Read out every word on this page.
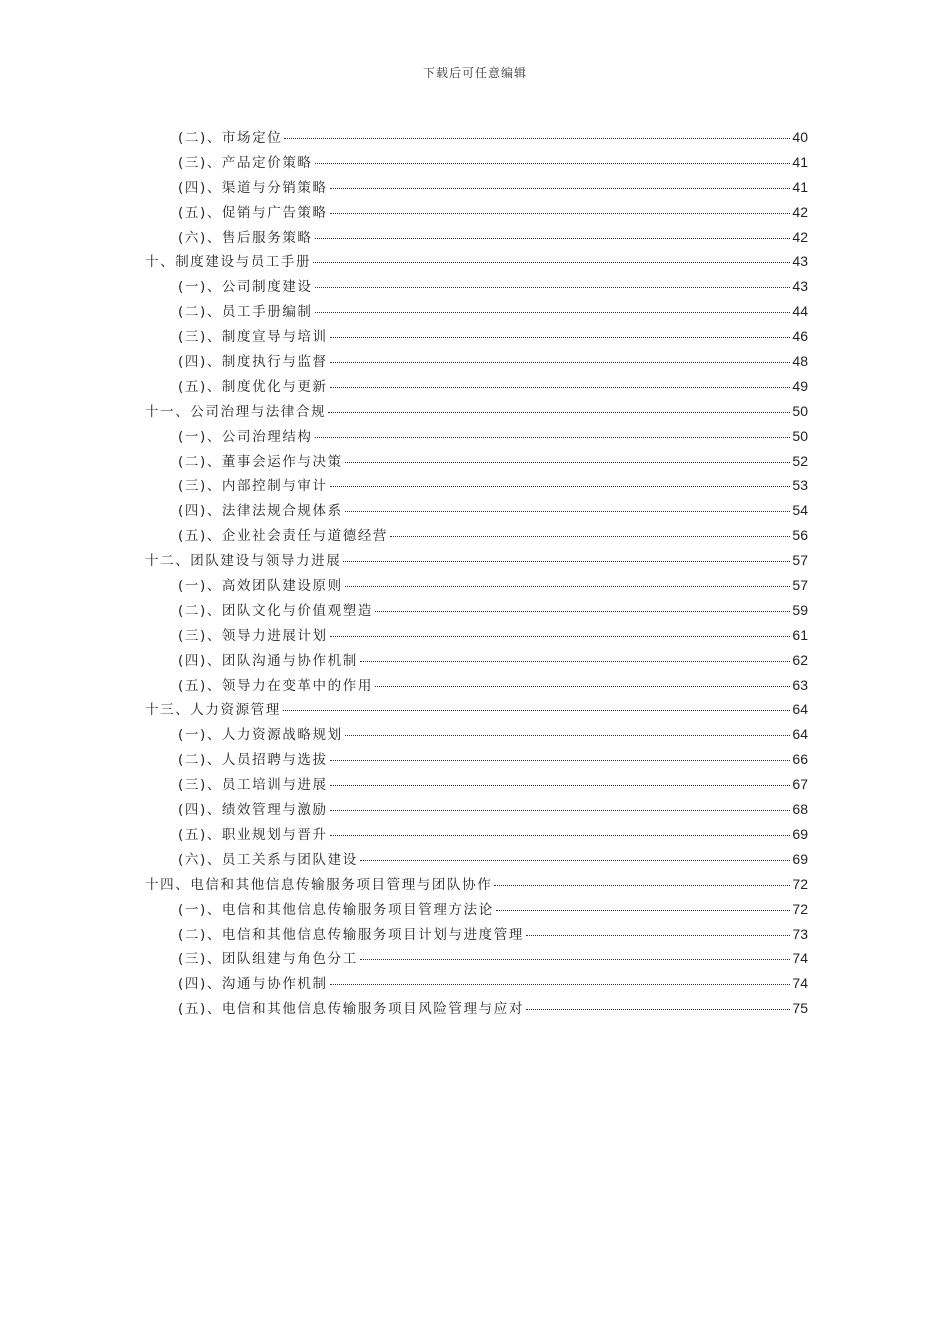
下载后可任意编辑
(二)、市场定位	40
(三)、产品定价策略	41
(四)、渠道与分销策略	41
(五)、促销与广告策略	42
(六)、售后服务策略	42
十、制度建设与员工手册	43
(一)、公司制度建设	43
(二)、员工手册编制	44
(三)、制度宣导与培训	46
(四)、制度执行与监督	48
(五)、制度优化与更新	49
十一、公司治理与法律合规	50
(一)、公司治理结构	50
(二)、董事会运作与决策	52
(三)、内部控制与审计	53
(四)、法律法规合规体系	54
(五)、企业社会责任与道德经营	56
十二、团队建设与领导力进展	57
(一)、高效团队建设原则	57
(二)、团队文化与价值观塑造	59
(三)、领导力进展计划	61
(四)、团队沟通与协作机制	62
(五)、领导力在变革中的作用	63
十三、人力资源管理	64
(一)、人力资源战略规划	64
(二)、人员招聘与选拔	66
(三)、员工培训与进展	67
(四)、绩效管理与激励	68
(五)、职业规划与晋升	69
(六)、员工关系与团队建设	69
十四、电信和其他信息传输服务项目管理与团队协作	72
(一)、电信和其他信息传输服务项目管理方法论	72
(二)、电信和其他信息传输服务项目计划与进度管理	73
(三)、团队组建与角色分工	74
(四)、沟通与协作机制	74
(五)、电信和其他信息传输服务项目风险管理与应对	75
